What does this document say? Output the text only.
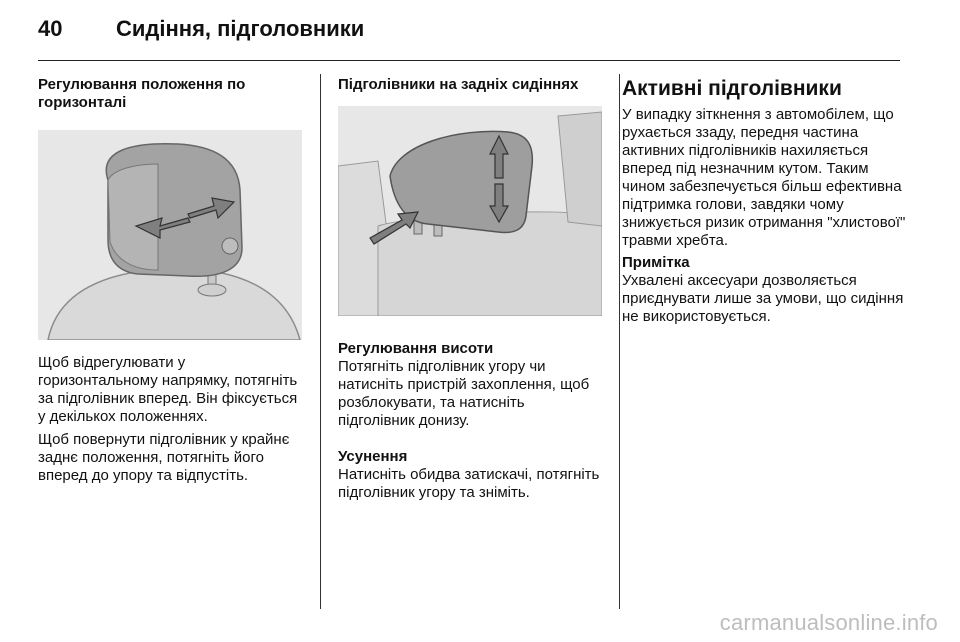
40	Сидіння, підголовники

Регулювання положення по горизонталі

Щоб відрегулювати у горизонтальному напрямку, потягніть за підголівник вперед. Він фіксується у декількох положеннях.

Щоб повернути підголівник у крайнє заднє положення, потягніть його вперед до упору та відпустіть.

Підголівники на задніх сидіннях

Регулювання висоти

Потягніть підголівник угору чи натисніть пристрій захоплення, щоб розблокувати, та натисніть підголівник донизу.

Усунення

Натисніть обидва затискачі, потягніть підголівник угору та зніміть.

Активні підголівники

У випадку зіткнення з автомобілем, що рухається ззаду, передня частина активних підголівників нахиляється вперед під незначним кутом. Таким чином забезпечується більш ефективна підтримка голови, завдяки чому знижується ризик отримання "хлистової" травми хребта.

Примітка

Ухвалені аксесуари дозволяється приєднувати лише за умови, що сидіння не використовується.

carmanualsonline.info
